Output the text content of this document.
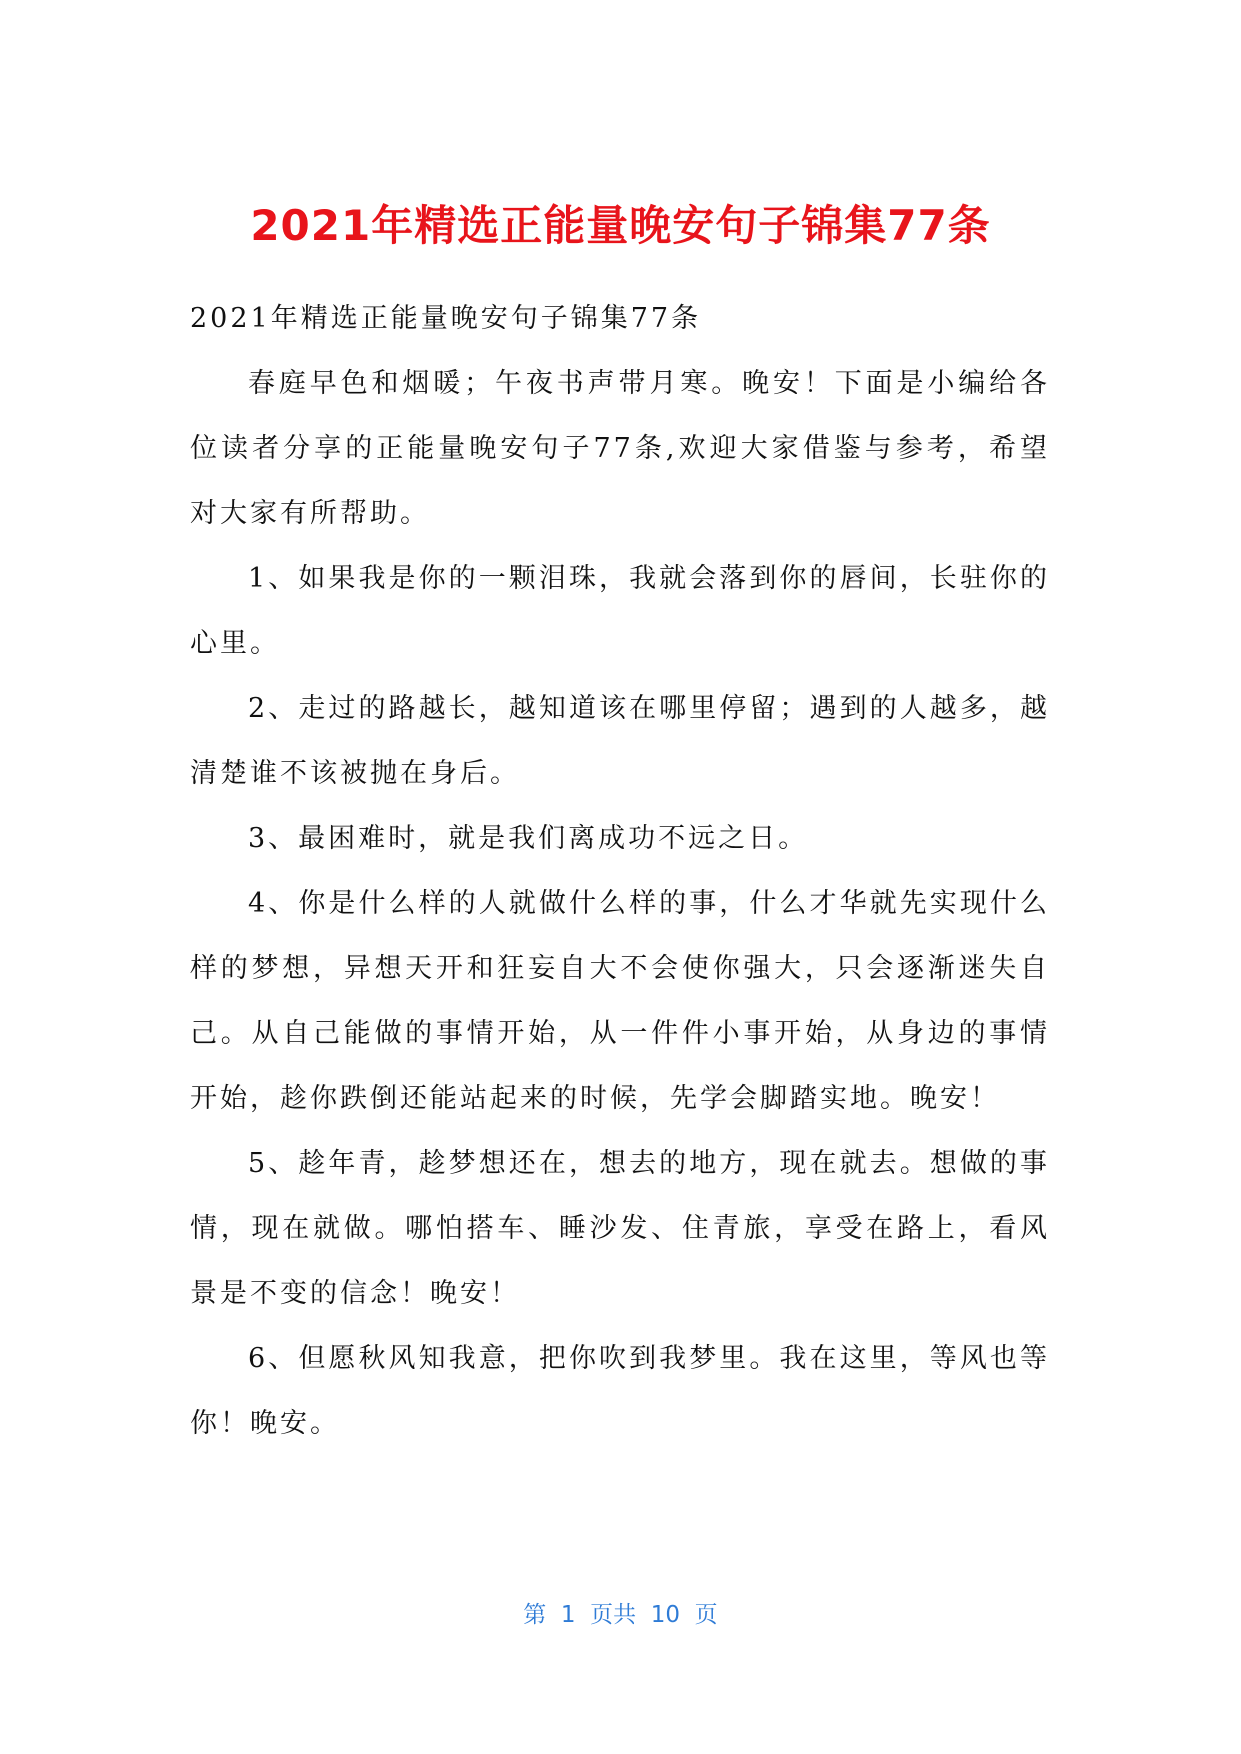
2021年精选正能量晚安句子锦集77条

2021年精选正能量晚安句子锦集77条

春庭早色和烟暖；午夜书声带月寒。晚安！下面是小编给各位读者分享的正能量晚安句子77条,欢迎大家借鉴与参考，希望对大家有所帮助。

1、如果我是你的一颗泪珠，我就会落到你的唇间，长驻你的心里。

2、走过的路越长，越知道该在哪里停留；遇到的人越多，越清楚谁不该被抛在身后。

3、最困难时，就是我们离成功不远之日。

4、你是什么样的人就做什么样的事，什么才华就先实现什么样的梦想，异想天开和狂妄自大不会使你强大，只会逐渐迷失自己。从自己能做的事情开始，从一件件小事开始，从身边的事情开始，趁你跌倒还能站起来的时候，先学会脚踏实地。晚安！

5、趁年青，趁梦想还在，想去的地方，现在就去。想做的事情，现在就做。哪怕搭车、睡沙发、住青旅，享受在路上，看风景是不变的信念！晚安！

6、但愿秋风知我意，把你吹到我梦里。我在这里，等风也等你！晚安。

第  1  页共  10  页
